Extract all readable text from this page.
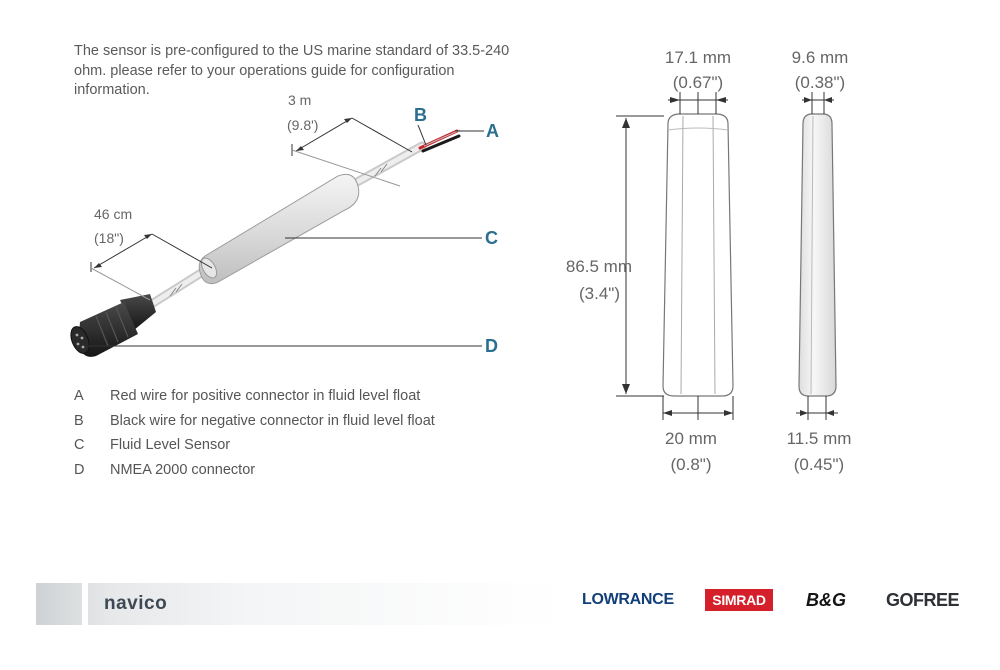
The sensor is pre-configured to the US marine standard of 33.5-240 ohm. please refer to your operations guide for configuration information.
3 m
(9.8')
46 cm
(18")
A
B
C
D
17.1 mm
(0.67")
9.6 mm
(0.38")
86.5 mm
(3.4")
20 mm
(0.8")
11.5 mm
(0.45")
A	Red wire for positive connector in fluid level float
B	Black wire for negative connector in fluid level float
C	Fluid Level Sensor
D	NMEA 2000 connector
navico	LOWRANCE	SIMRAD	B&G GOFREE
